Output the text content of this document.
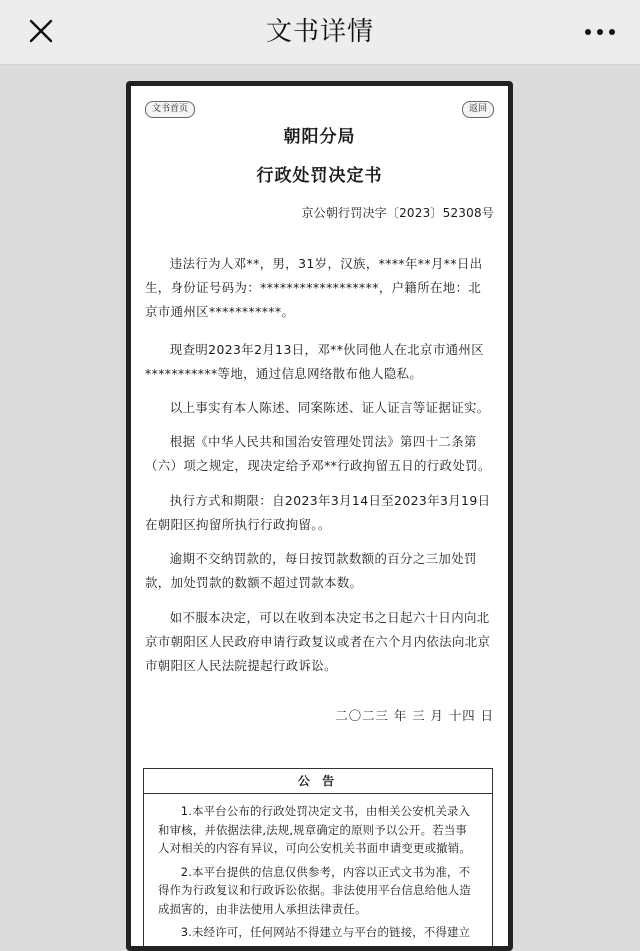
文书详情
文书首页	返回
朝阳分局
行政处罚决定书
京公朝行罚决字〔2023〕52308号

违法行为人邓**，男，31岁，汉族，****年**月**日出生，身份证号码为：******************，户籍所在地：北京市通州区***********。

现查明2023年2月13日，邓**伙同他人在北京市通州区***********等地，通过信息网络散布他人隐私。

以上事实有本人陈述、同案陈述、证人证言等证据证实。

根据《中华人民共和国治安管理处罚法》第四十二条第（六）项之规定，现决定给予邓**行政拘留五日的行政处罚。

执行方式和期限：自2023年3月14日至2023年3月19日在朝阳区拘留所执行行政拘留。。

逾期不交纳罚款的，每日按罚款数额的百分之三加处罚款，加处罚款的数额不超过罚款本数。

如不服本决定，可以在收到本决定书之日起六十日内向北京市朝阳区人民政府申请行政复议或者在六个月内依法向北京市朝阳区人民法院提起行政诉讼。

二〇二三 年 三 月 十四 日
公 告

1.本平台公布的行政处罚决定文书，由相关公安机关录入和审核，并依据法律,法规,规章确定的原则予以公开。若当事人对相关的内容有异议，可向公安机关书面申请变更或撤销。

2.本平台提供的信息仅供参考，内容以正式文书为准，不得作为行政复议和行政诉讼依据。非法使用平台信息给他人造成损害的，由非法使用人承担法律责任。

3.未经许可，任何网站不得建立与平台的链接，不得建立
